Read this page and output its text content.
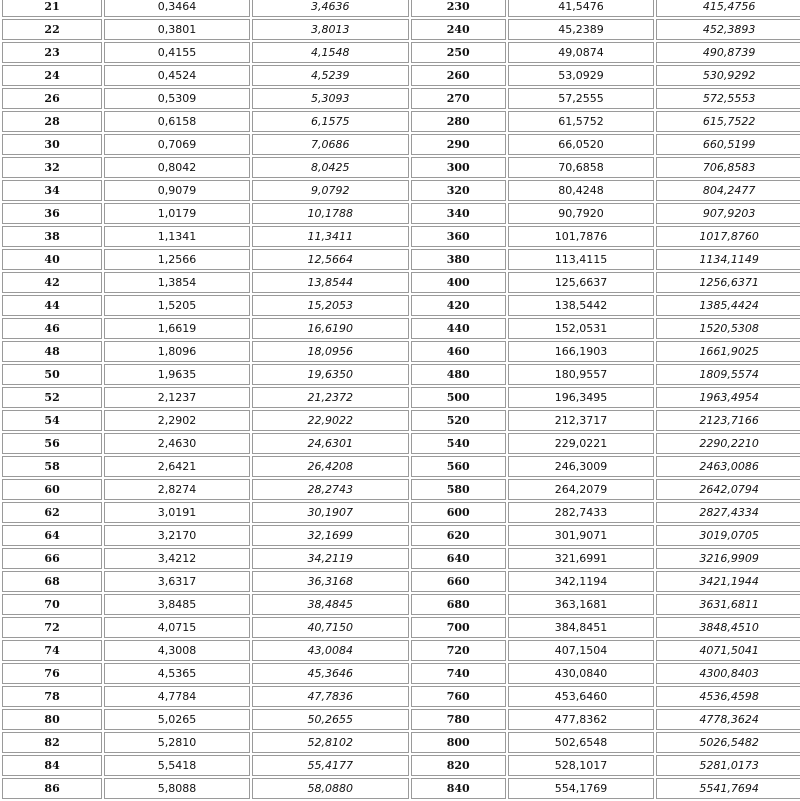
21	0,3464	3,4636	230	41,5476	415,4756
22	0,3801	3,8013	240	45,2389	452,3893
23	0,4155	4,1548	250	49,0874	490,8739
24	0,4524	4,5239	260	53,0929	530,9292
26	0,5309	5,3093	270	57,2555	572,5553
28	0,6158	6,1575	280	61,5752	615,7522
30	0,7069	7,0686	290	66,0520	660,5199
32	0,8042	8,0425	300	70,6858	706,8583
34	0,9079	9,0792	320	80,4248	804,2477
36	1,0179	10,1788	340	90,7920	907,9203
38	1,1341	11,3411	360	101,7876	1017,8760
40	1,2566	12,5664	380	113,4115	1134,1149
42	1,3854	13,8544	400	125,6637	1256,6371
44	1,5205	15,2053	420	138,5442	1385,4424
46	1,6619	16,6190	440	152,0531	1520,5308
48	1,8096	18,0956	460	166,1903	1661,9025
50	1,9635	19,6350	480	180,9557	1809,5574
52	2,1237	21,2372	500	196,3495	1963,4954
54	2,2902	22,9022	520	212,3717	2123,7166
56	2,4630	24,6301	540	229,0221	2290,2210
58	2,6421	26,4208	560	246,3009	2463,0086
60	2,8274	28,2743	580	264,2079	2642,0794
62	3,0191	30,1907	600	282,7433	2827,4334
64	3,2170	32,1699	620	301,9071	3019,0705
66	3,4212	34,2119	640	321,6991	3216,9909
68	3,6317	36,3168	660	342,1194	3421,1944
70	3,8485	38,4845	680	363,1681	3631,6811
72	4,0715	40,7150	700	384,8451	3848,4510
74	4,3008	43,0084	720	407,1504	4071,5041
76	4,5365	45,3646	740	430,0840	4300,8403
78	4,7784	47,7836	760	453,6460	4536,4598
80	5,0265	50,2655	780	477,8362	4778,3624
82	5,2810	52,8102	800	502,6548	5026,5482
84	5,5418	55,4177	820	528,1017	5281,0173
86	5,8088	58,0880	840	554,1769	5541,7694
